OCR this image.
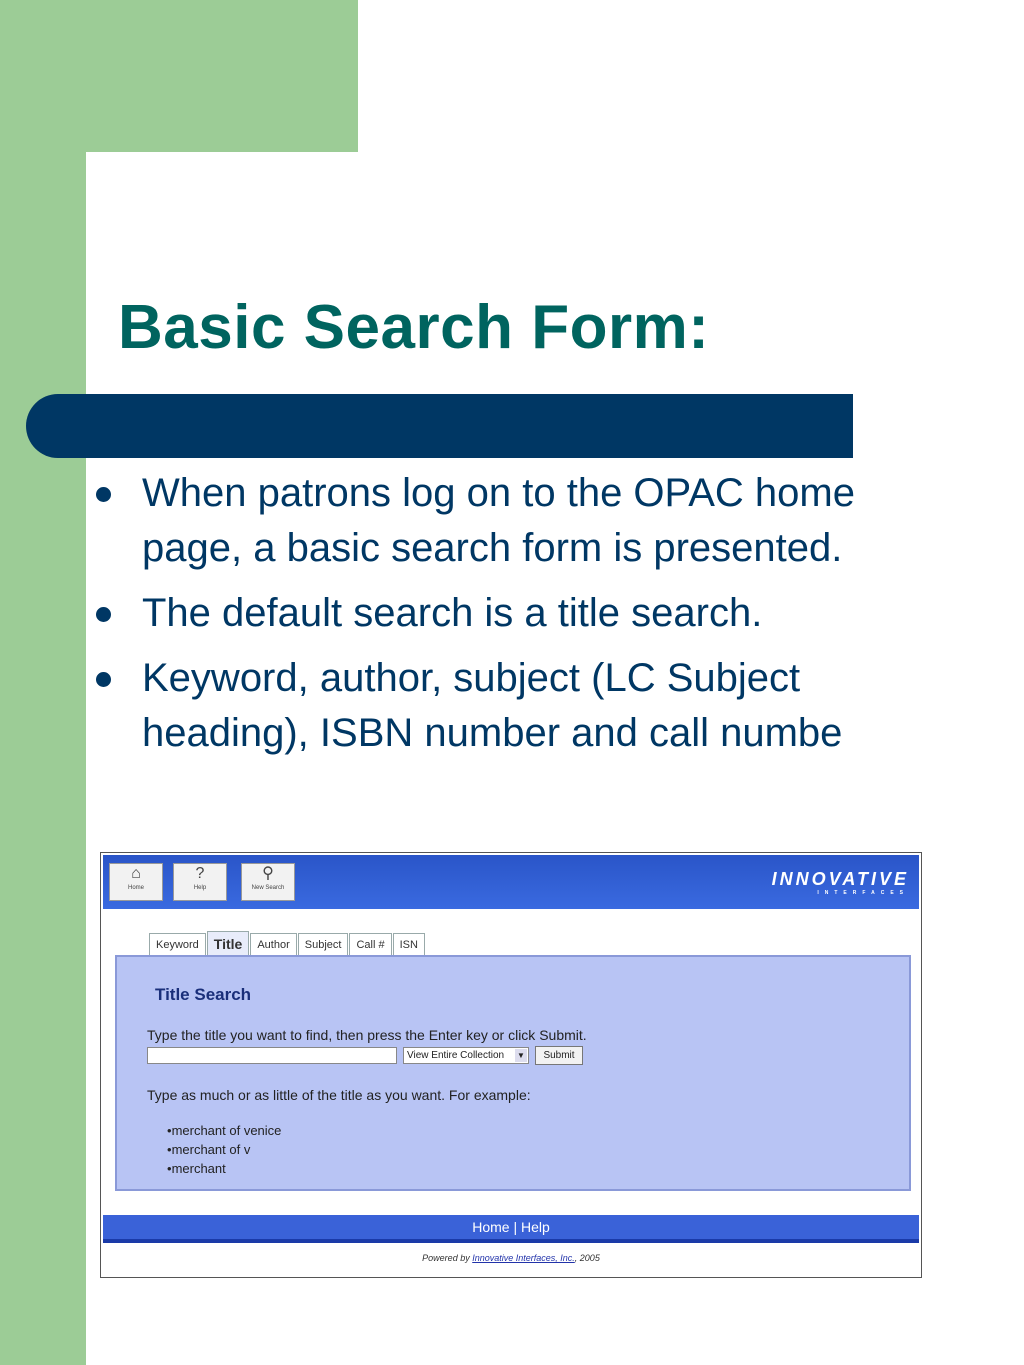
Basic Search Form:
When patrons log on to the OPAC home page, a basic search form is presented.
The default search is a title search.
Keyword, author, subject (LC Subject heading), ISBN number and call numbe
⌂
Home
?
Help
⚲
New Search	INNOVATIVE
INTERFACES
Keyword	Title	Author	Subject	Call #	ISN
Title Search
Type the title you want to find, then press the Enter key or click Submit.
View Entire Collection ▼	Submit
Type as much or as little of the title as you want. For example:
• merchant of venice
• merchant of v
• merchant
Home | Help
Powered by Innovative Interfaces, Inc., 2005
